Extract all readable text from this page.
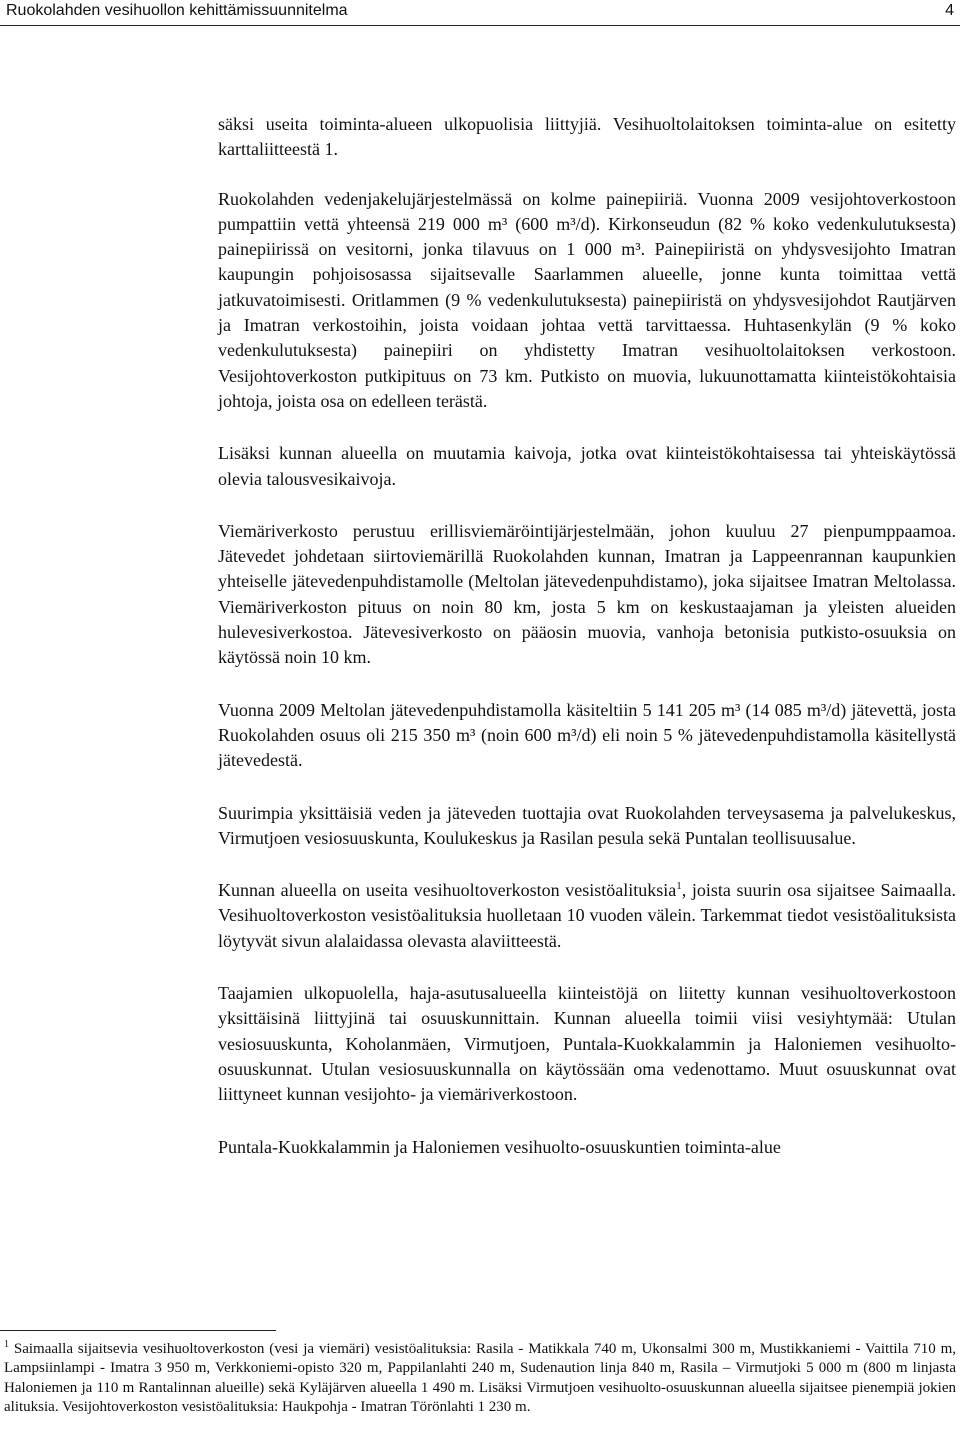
Ruokolahden vesihuollon kehittämissuunnitelma	4

säksi useita toiminta-alueen ulkopuolisia liittyjiä. Vesihuoltolaitoksen toiminta-alue on esitetty karttaliitteestä 1.

Ruokolahden vedenjakelujärjestelmässä on kolme painepiiriä. Vuonna 2009 vesijohtoverkostoon pumpattiin vettä yhteensä 219 000 m³ (600 m³/d). Kirkonseudun (82 % koko vedenkulutuksesta) painepiirissä on vesitorni, jonka tilavuus on 1 000 m³. Painepiiristä on yhdysvesijohto Imatran kaupungin pohjoisosassa sijaitsevalle Saarlammen alueelle, jonne kunta toimittaa vettä jatkuvatoimisesti. Oritlammen (9 % vedenkulutuksesta) painepiiristä on yhdysvesijohdot Rautjärven ja Imatran verkostoihin, joista voidaan johtaa vettä tarvittaessa. Huhtasenkylän (9 % koko vedenkulutuksesta) painepiiri on yhdistetty Imatran vesihuoltolaitoksen verkostoon. Vesijohtoverkoston putkipituus on 73 km. Putkisto on muovia, lukuunottamatta kiinteistökohtaisia johtoja, joista osa on edelleen terästä.

Lisäksi kunnan alueella on muutamia kaivoja, jotka ovat kiinteistökohtaisessa tai yhteiskäytössä olevia talousvesikaivoja.

Viemäriverkosto perustuu erillisviemäröintijärjestelmään, johon kuuluu 27 pienpumppaamoa. Jätevedet johdetaan siirtoviemärillä Ruokolahden kunnan, Imatran ja Lappeenrannan kaupunkien yhteiselle jätevedenpuhdistamolle (Meltolan jätevedenpuhdistamo), joka sijaitsee Imatran Meltolassa. Viemäriverkoston pituus on noin 80 km, josta 5 km on keskustaajaman ja yleisten alueiden hulevesiverkostoa. Jätevesiverkosto on pääosin muovia, vanhoja betonisia putkisto-osuuksia on käytössä noin 10 km.

Vuonna 2009 Meltolan jätevedenpuhdistamolla käsiteltiin 5 141 205 m³ (14 085 m³/d) jätevettä, josta Ruokolahden osuus oli 215 350 m³ (noin 600 m³/d) eli noin 5 % jätevedenpuhdistamolla käsitellystä jätevedestä.

Suurimpia yksittäisiä veden ja jäteveden tuottajia ovat Ruokolahden terveysasema ja palvelukeskus, Virmutjoen vesiosuuskunta, Koulukeskus ja Rasilan pesula sekä Puntalan teollisuusalue.

Kunnan alueella on useita vesihuoltoverkoston vesistöalituksia$^1$, joista suurin osa sijaitsee Saimaalla. Vesihuoltoverkoston vesistöalituksia huolletaan 10 vuoden välein. Tarkemmat tiedot vesistöalituksista löytyvät sivun alalaidassa olevasta alaviitteestä.

Taajamien ulkopuolella, haja-asutusalueella kiinteistöjä on liitetty kunnan vesihuoltoverkostoon yksittäisinä liittyjinä tai osuuskunnittain. Kunnan alueella toimii viisi vesiyhtymää: Utulan vesiosuuskunta, Koholanmäen, Virmutjoen, Puntala-Kuokkalammin ja Haloniemen vesihuolto-osuuskunnat. Utulan vesiosuuskunnalla on käytössään oma vedenottamo. Muut osuuskunnat ovat liittyneet kunnan vesijohto- ja viemäriverkostoon.

Puntala-Kuokkalammin ja Haloniemen vesihuolto-osuuskuntien toiminta-alue

$^1$ Saimaalla sijaitsevia vesihuoltoverkoston (vesi ja viemäri) vesistöalituksia: Rasila - Matikkala 740 m, Ukonsalmi 300 m, Mustikkaniemi - Vaittila 710 m, Lampsiinlampi - Imatra 3 950 m, Verkkoniemi-opisto 320 m, Pappilanlahti 240 m, Sudenaution linja 840 m, Rasila – Virmutjoki 5 000 m (800 m linjasta Haloniemen ja 110 m Rantalinnan alueille) sekä Kyläjärven alueella 1 490 m. Lisäksi Virmutjoen vesihuolto-osuuskunnan alueella sijaitsee pienempiä jokien alituksia. Vesijohtoverkoston vesistöalituksia: Haukpohja - Imatran Törönlahti 1 230 m.
